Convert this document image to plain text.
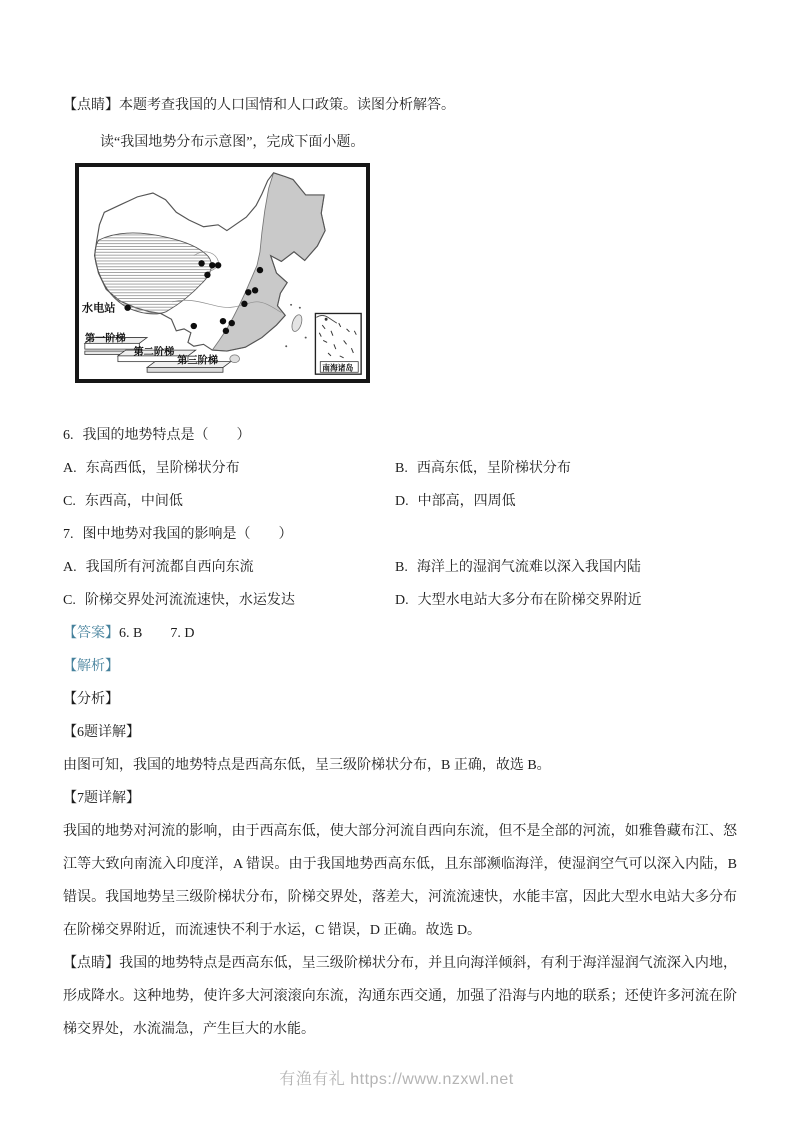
【点睛】本题考查我国的人口国情和人口政策。读图分析解答。

读“我国地势分布示意图”，完成下面小题。

水电站
第一阶梯
第二阶梯
第三阶梯
南海诸岛

6. 我国的地势特点是（　　）

A. 东高西低，呈阶梯状分布	B. 西高东低，呈阶梯状分布
C. 东西高，中间低	D. 中部高，四周低

7. 图中地势对我国的影响是（　　）

A. 我国所有河流都自西向东流	B. 海洋上的湿润气流难以深入我国内陆
C. 阶梯交界处河流流速快，水运发达	D. 大型水电站大多分布在阶梯交界附近

【答案】6. B　　7. D

【解析】

【分析】

【6题详解】

由图可知，我国的地势特点是西高东低，呈三级阶梯状分布，B 正确，故选 B。

【7题详解】

我国的地势对河流的影响，由于西高东低，使大部分河流自西向东流，但不是全部的河流，如雅鲁藏布江、怒江等大致向南流入印度洋，A 错误。由于我国地势西高东低，且东部濒临海洋，使湿润空气可以深入内陆，B 错误。我国地势呈三级阶梯状分布，阶梯交界处，落差大，河流流速快，水能丰富，因此大型水电站大多分布在阶梯交界附近，而流速快不利于水运，C 错误，D 正确。故选 D。

【点睛】我国的地势特点是西高东低，呈三级阶梯状分布，并且向海洋倾斜，有利于海洋湿润气流深入内地，形成降水。这种地势，使许多大河滚滚向东流，沟通东西交通，加强了沿海与内地的联系；还使许多河流在阶梯交界处，水流湍急，产生巨大的水能。

有渔有礼 https://www.nzxwl.net
